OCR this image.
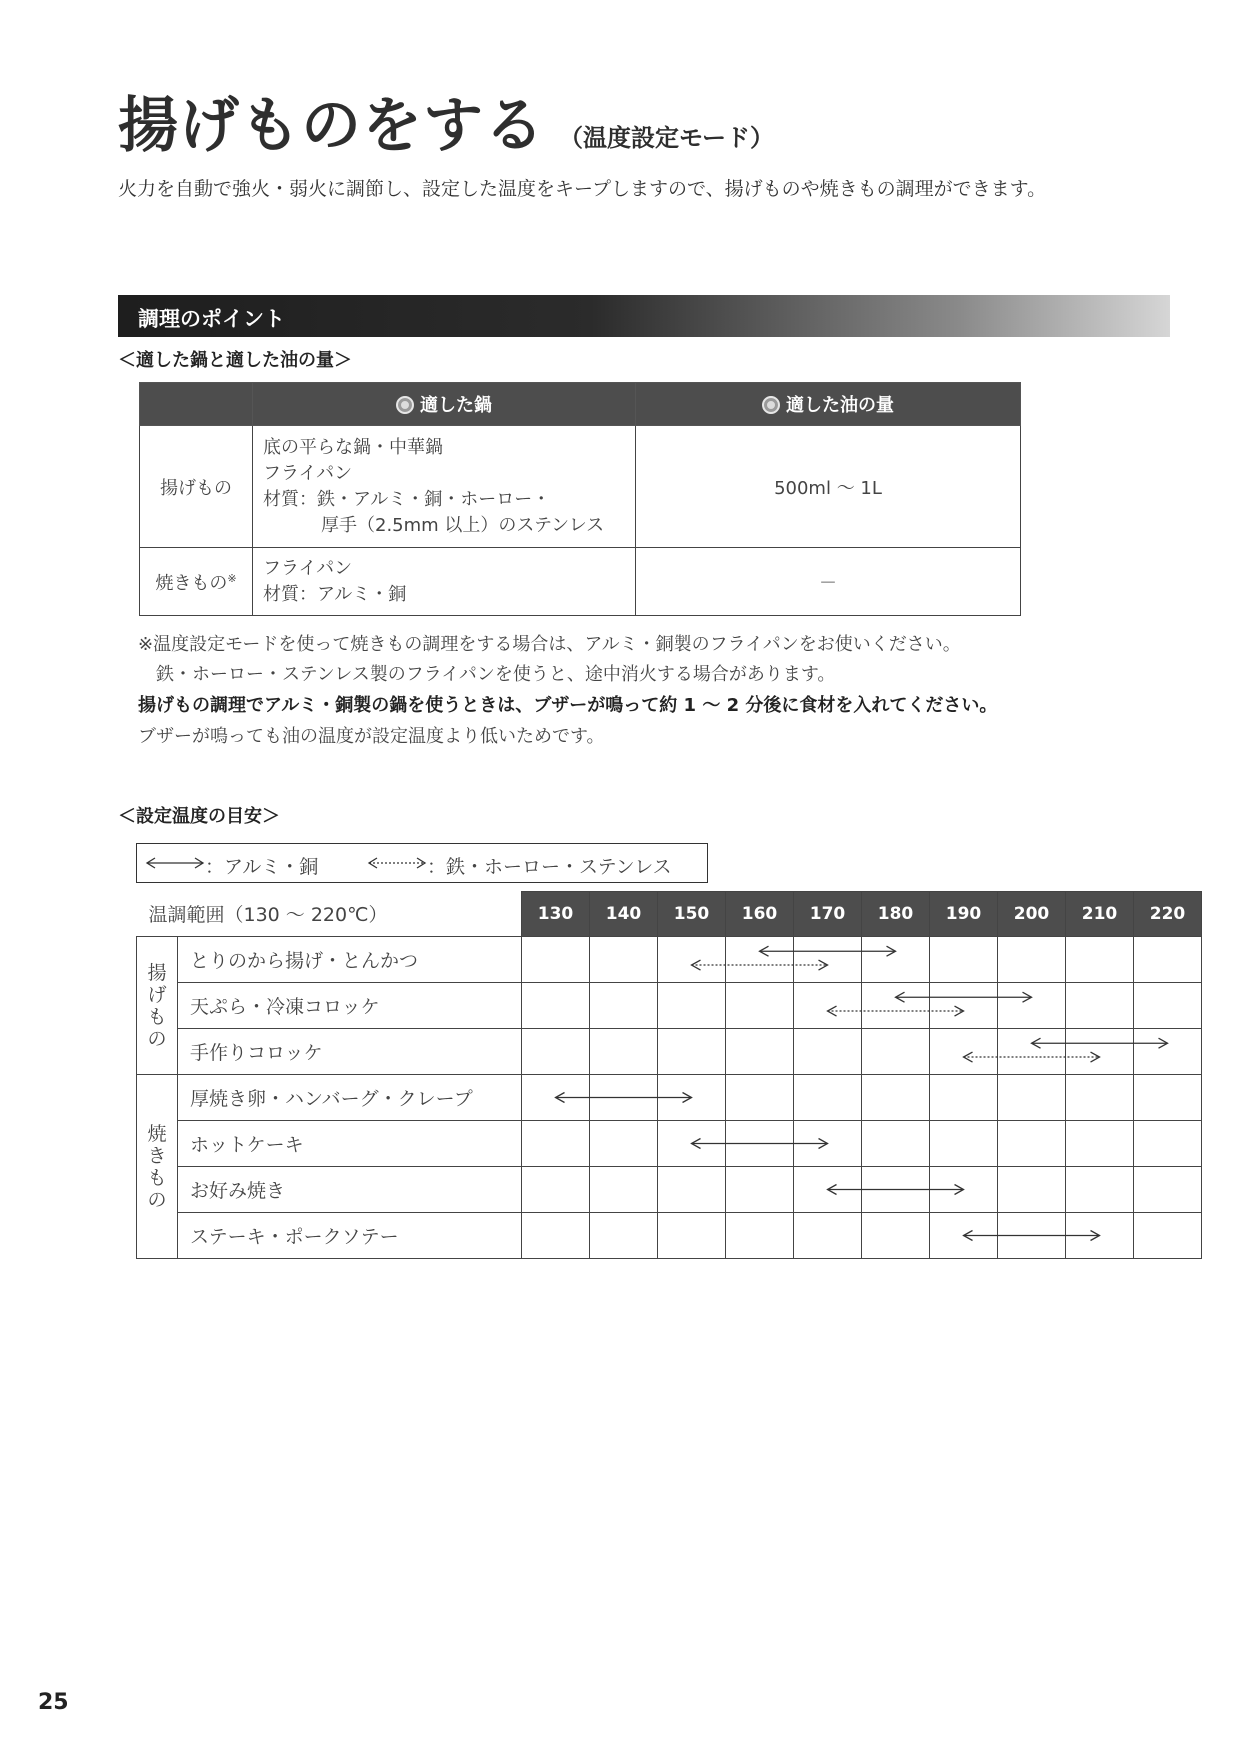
揚げものをする （温度設定モード）
火力を自動で強火・弱火に調節し、設定した温度をキープしますので、揚げものや焼きもの調理ができます。
調理のポイント
＜適した鍋と適した油の量＞
	適した鍋	適した油の量
揚げもの	底の平らな鍋・中華鍋
フライパン
材質：鉄・アルミ・銅・ホーロー・
厚手（2.5mm 以上）のステンレス	500ml ～ 1L
焼きもの※	フライパン
材質：アルミ・銅	－
※温度設定モードを使って焼きもの調理をする場合は、アルミ・銅製のフライパンをお使いください。
　鉄・ホーロー・ステンレス製のフライパンを使うと、途中消火する場合があります。
揚げもの調理でアルミ・銅製の鍋を使うときは、ブザーが鳴って約 1 ～ 2 分後に食材を入れてください。
ブザーが鳴っても油の温度が設定温度より低いためです。
＜設定温度の目安＞
：アルミ・銅	：鉄・ホーロー・ステンレス
温調範囲（130 ～ 220℃）		130	140	150	160	170	180	190	200	210	220

揚
げ
も
の	とりのから揚げ・とんかつ										
	天ぷら・冷凍コロッケ										
	手作りコロッケ										

焼
き
も
の	厚焼き卵・ハンバーグ・クレープ										
	ホットケーキ										
	お好み焼き										
	ステーキ・ポークソテー										
25
